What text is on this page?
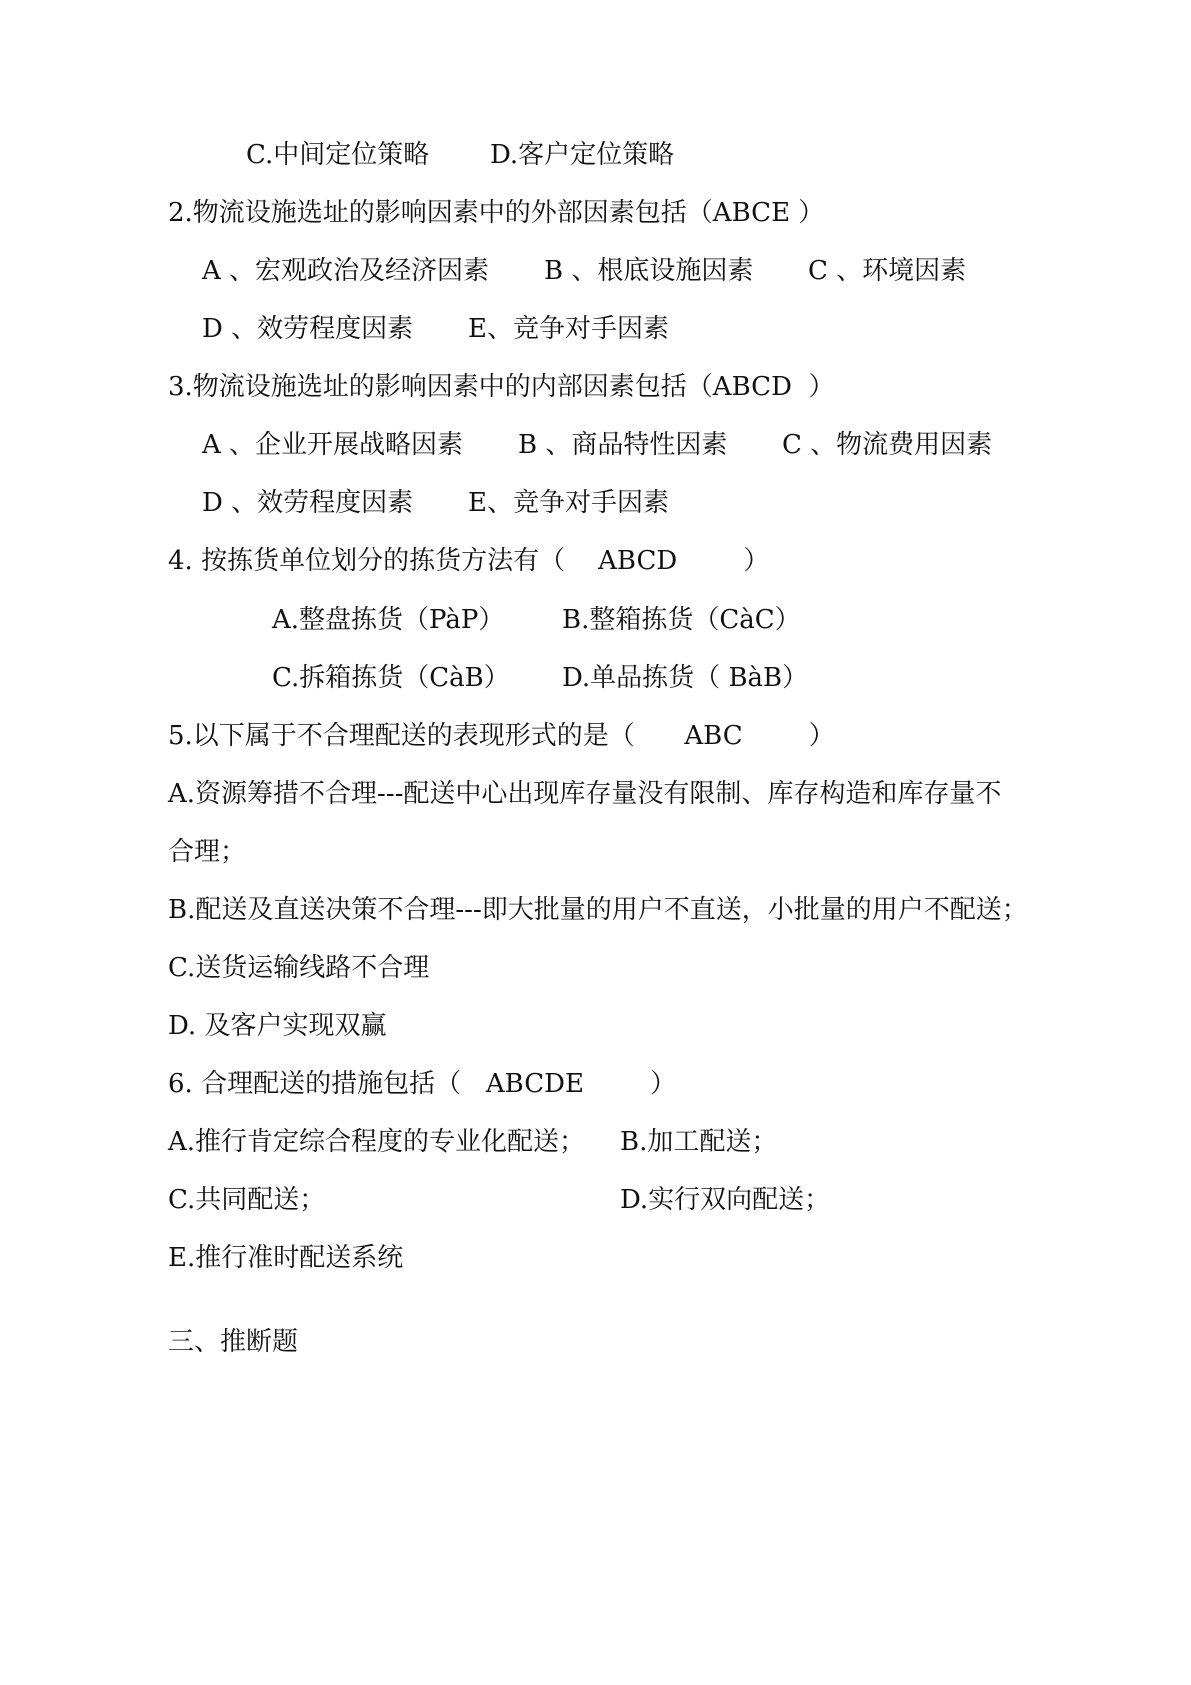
C.中间定位策略

D.客户定位策略

2.物流设施选址的影响因素中的外部因素包括（ABCE ）

A 、宏观政治及经济因素

B 、根底设施因素

C 、环境因素

D 、效劳程度因素

E、竞争对手因素

3.物流设施选址的影响因素中的内部因素包括（ABCD  ）

A 、企业开展战略因素

B 、商品特性因素

C 、物流费用因素

D 、效劳程度因素

E、竞争对手因素

4. 按拣货单位划分的拣货方法有（    ABCD        ）

A.整盘拣货（PàP）

B.整箱拣货（CàC）

C.拆箱拣货（CàB）

D.单品拣货（ BàB）

5.以下属于不合理配送的表现形式的是（      ABC        ）
A.资源筹措不合理---配送中心出现库存量没有限制、库存构造和库存量不
合理；
B.配送及直送决策不合理---即大批量的用户不直送，小批量的用户不配送；
C.送货运输线路不合理
D. 及客户实现双赢
6. 合理配送的措施包括（   ABCDE        ）

A.推行肯定综合程度的专业化配送；

B.加工配送；

C.共同配送；

	D.实行双向配送；

E.推行准时配送系统
三、推断题
